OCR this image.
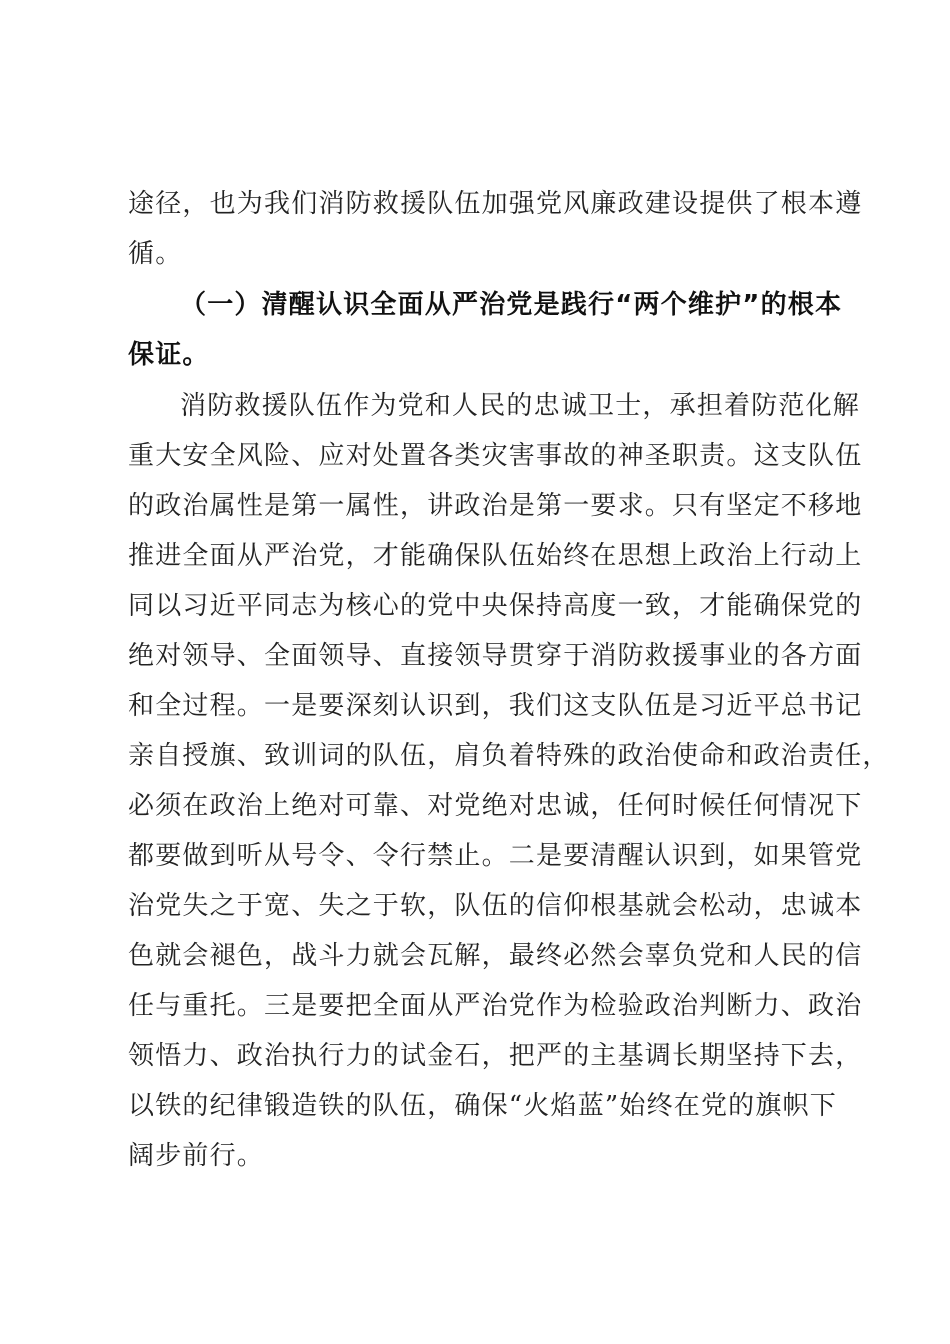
途径，也为我们消防救援队伍加强党风廉政建设提供了根本遵
循。
（一）清醒认识全面从严治党是践行“两个维护”的根本
保证。
消防救援队伍作为党和人民的忠诚卫士，承担着防范化解
重大安全风险、应对处置各类灾害事故的神圣职责。这支队伍
的政治属性是第一属性，讲政治是第一要求。只有坚定不移地
推进全面从严治党，才能确保队伍始终在思想上政治上行动上
同以习近平同志为核心的党中央保持高度一致，才能确保党的
绝对领导、全面领导、直接领导贯穿于消防救援事业的各方面
和全过程。一是要深刻认识到，我们这支队伍是习近平总书记
亲自授旗、致训词的队伍，肩负着特殊的政治使命和政治责任，
必须在政治上绝对可靠、对党绝对忠诚，任何时候任何情况下
都要做到听从号令、令行禁止。二是要清醒认识到，如果管党
治党失之于宽、失之于软，队伍的信仰根基就会松动，忠诚本
色就会褪色，战斗力就会瓦解，最终必然会辜负党和人民的信
任与重托。三是要把全面从严治党作为检验政治判断力、政治
领悟力、政治执行力的试金石，把严的主基调长期坚持下去，
以铁的纪律锻造铁的队伍，确保“火焰蓝”始终在党的旗帜下
阔步前行。
